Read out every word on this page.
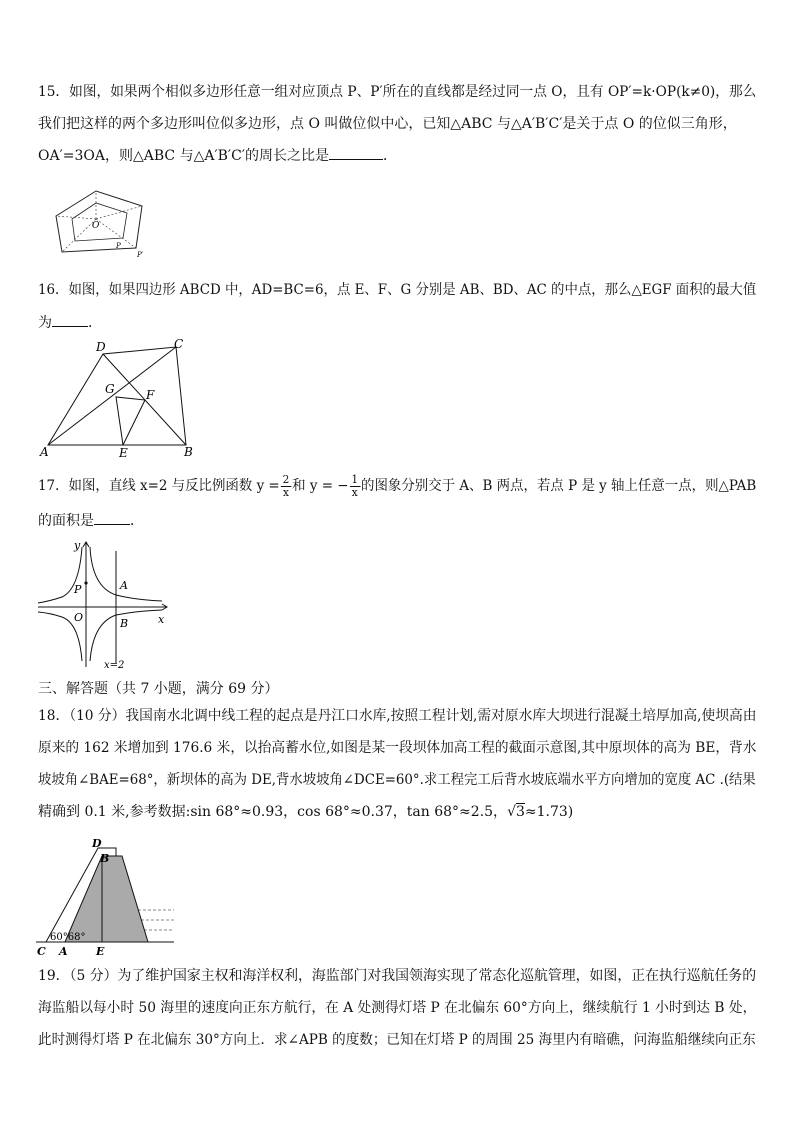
15．如图，如果两个相似多边形任意一组对应顶点 P、P′所在的直线都是经过同一点 O，且有 OP′=k·OP(k≠0)，那么
我们把这样的两个多边形叫位似多边形，点 O 叫做位似中心，已知△ABC 与△A′B′C′是关于点 O 的位似三角形，
OA′=3OA，则△ABC 与△A′B′C′的周长之比是	．
O
P
P′
16．如图，如果四边形 ABCD 中，AD=BC=6，点 E、F、G 分别是 AB、BD、AC 的中点，那么△EGF 面积的最大值
为	．
A	B
C
D
E
F
G
17．如图，直线 x=2 与反比例函数 $y = \frac{2}{x}$ 和 y = − $\frac{1}{x}$ 的图象分别交于 A、B 两点，若点 P 是 y 轴上任意一点，则△PAB
的面积是	．
y
x
O
P	A
B
x=2
三、解答题（共 7 小题，满分 69 分）
18．（10 分）我国南水北调中线工程的起点是丹江口水库,按照工程计划,需对原水库大坝进行混凝土培厚加高,使坝高由
原来的 162 米增加到 176.6 米，以抬高蓄水位,如图是某一段坝体加高工程的截面示意图,其中原坝体的高为 BE，背水
坡坡角∠BAE=68°，新坝体的高为 DE,背水坡坡角∠DCE=60°.求工程完工后背水坡底端水平方向增加的宽度 AC .(结果
精确到 0.1 米,参考数据:sin 68°≈0.93，cos 68°≈0.37，tan 68°≈2.5，√3≈1.73)
D
B
60°68°
C A	E
19．（5 分）为了维护国家主权和海洋权利，海监部门对我国领海实现了常态化巡航管理，如图，正在执行巡航任务的
海监船以每小时 50 海里的速度向正东方航行，在 A 处测得灯塔 P 在北偏东 60°方向上，继续航行 1 小时到达 B 处，
此时测得灯塔 P 在北偏东 30°方向上．求∠APB 的度数；已知在灯塔 P 的周围 25 海里内有暗礁，问海监船继续向正东
